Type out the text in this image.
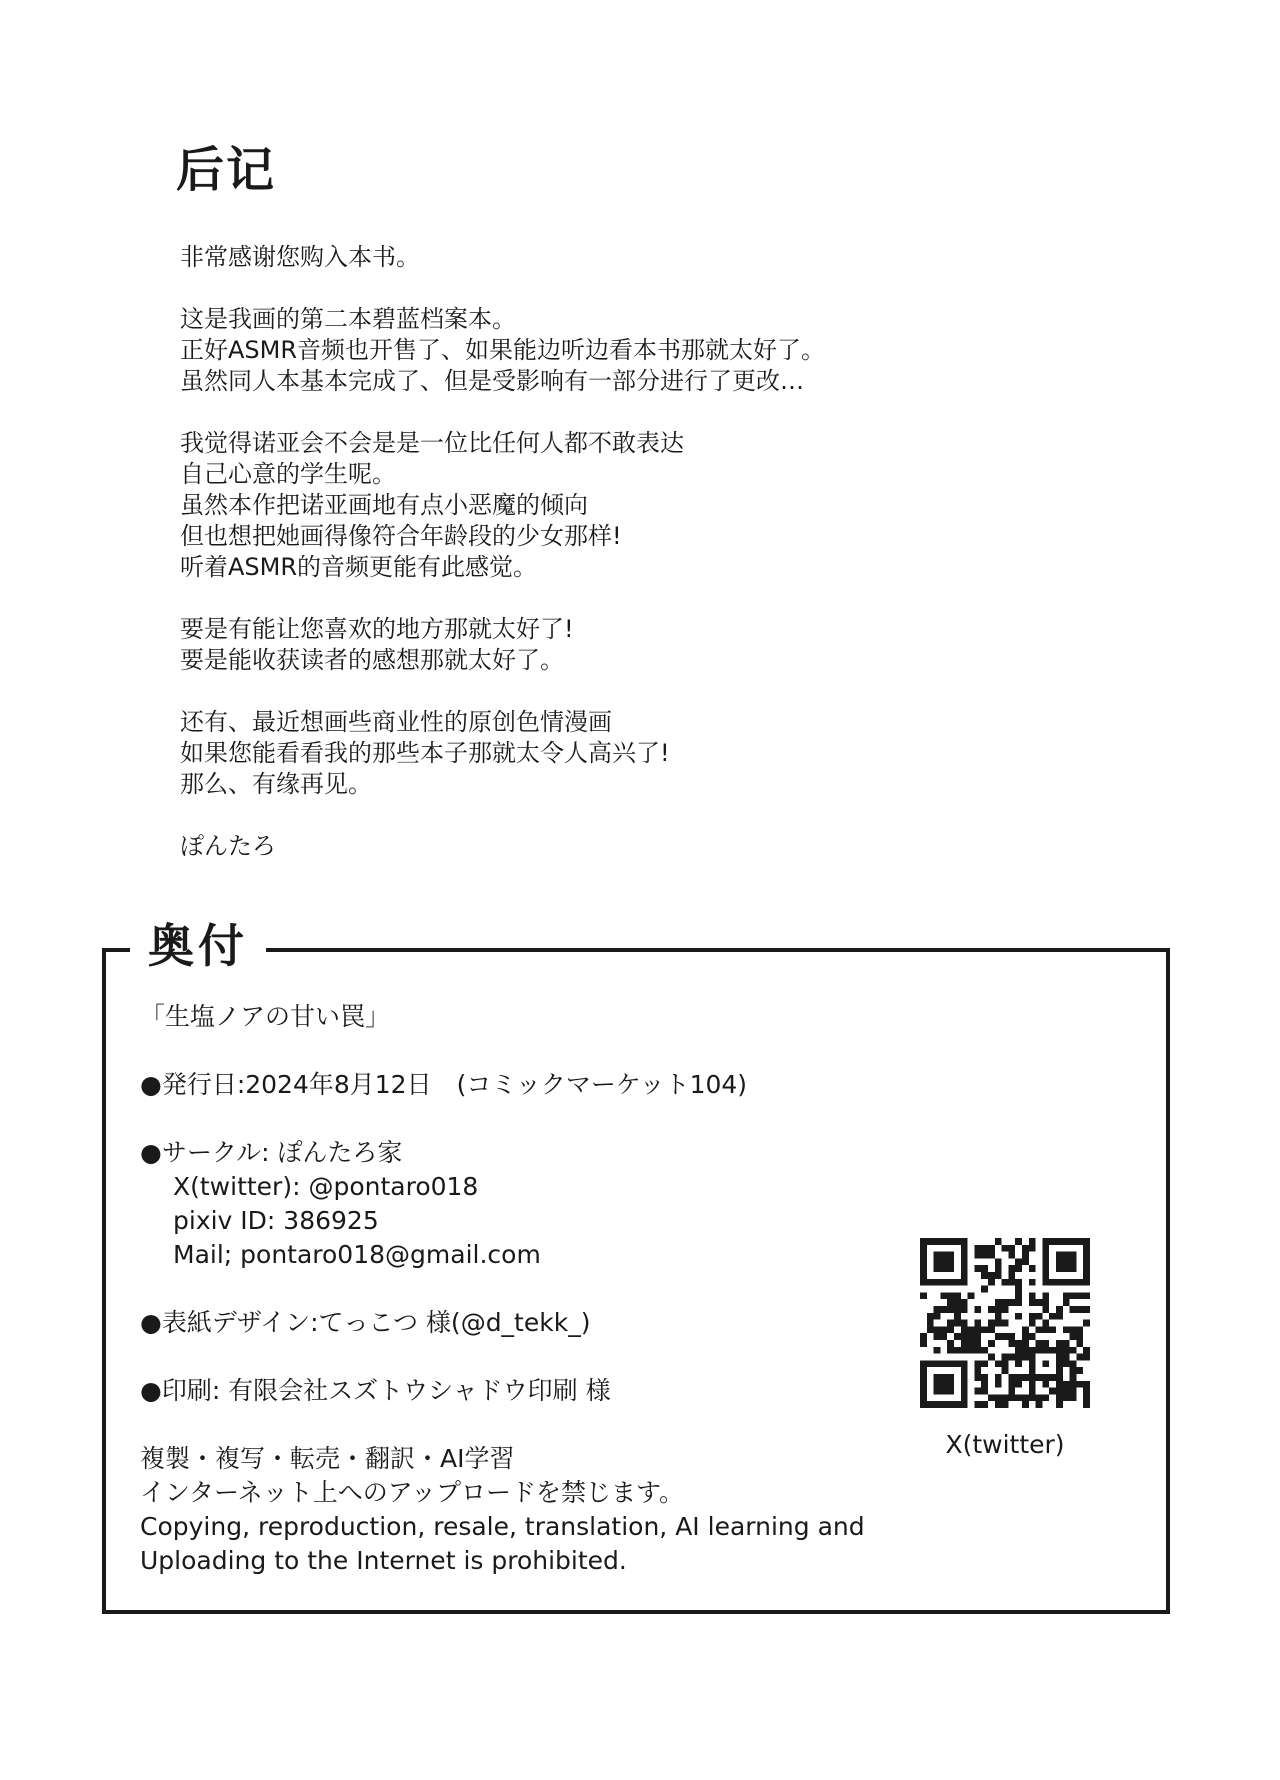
后记
非常感谢您购入本书。
这是我画的第二本碧蓝档案本。
正好ASMR音频也开售了、如果能边听边看本书那就太好了。
虽然同人本基本完成了、但是受影响有一部分进行了更改…
我觉得诺亚会不会是是一位比任何人都不敢表达
自己心意的学生呢。
虽然本作把诺亚画地有点小恶魔的倾向
但也想把她画得像符合年龄段的少女那样!
听着ASMR的音频更能有此感觉。
要是有能让您喜欢的地方那就太好了!
要是能收获读者的感想那就太好了。
还有、最近想画些商业性的原创色情漫画
如果您能看看我的那些本子那就太令人高兴了!
那么、有缘再见。
ぽんたろ
奥付
「生塩ノアの甘い罠」
●発行日:2024年8月12日　(コミックマーケット104)
●サークル: ぽんたろ家
X(twitter): @pontaro018
pixiv ID: 386925
Mail; pontaro018@gmail.com
●表紙デザイン:てっこつ 様(@d_tekk_)
●印刷: 有限会社スズトウシャドウ印刷 様
複製・複写・転売・翻訳・AI学習
インターネット上へのアップロードを禁じます。
Copying, reproduction, resale, translation, AI learning and
Uploading to the Internet is prohibited.
X(twitter)
